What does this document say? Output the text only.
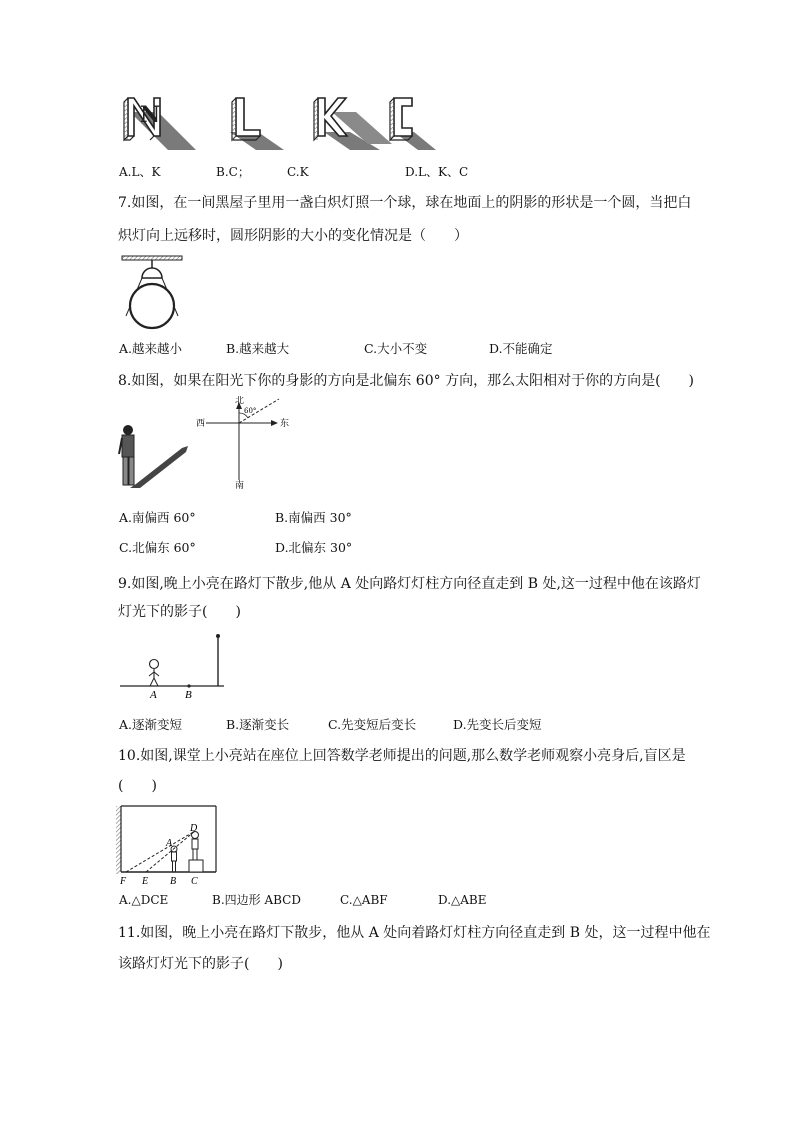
N	L	K	E
A.L、K	B.C；	C.K	D.L、K、C
7.如图，在一间黑屋子里用一盏白炽灯照一个球，球在地面上的阴影的形状是一个圆，当把白
炽灯向上远移时，圆形阴影的大小的变化情况是（　　）
A.越来越小	B.越来越大	C.大小不变	D.不能确定
8.如图，如果在阳光下你的身影的方向是北偏东 60° 方向，那么太阳相对于你的方向是(　　)
北
南
西	东
60°
A.南偏西 60°	B.南偏西 30°
C.北偏东 60°	D.北偏东 30°
9.如图,晚上小亮在路灯下散步,他从 A 处向路灯灯柱方向径直走到 B 处,这一过程中他在该路灯
灯光下的影子(　　)
A	B
A.逐渐变短	B.逐渐变长	C.先变短后变长	D.先变长后变短
10.如图,课堂上小亮站在座位上回答数学老师提出的问题,那么数学老师观察小亮身后,盲区是
(　　)
D
A
F E B C
A.△DCE	B.四边形 ABCD	C.△ABF	D.△ABE
11.如图，晚上小亮在路灯下散步，他从 A 处向着路灯灯柱方向径直走到 B 处，这一过程中他在
该路灯灯光下的影子(　　)
